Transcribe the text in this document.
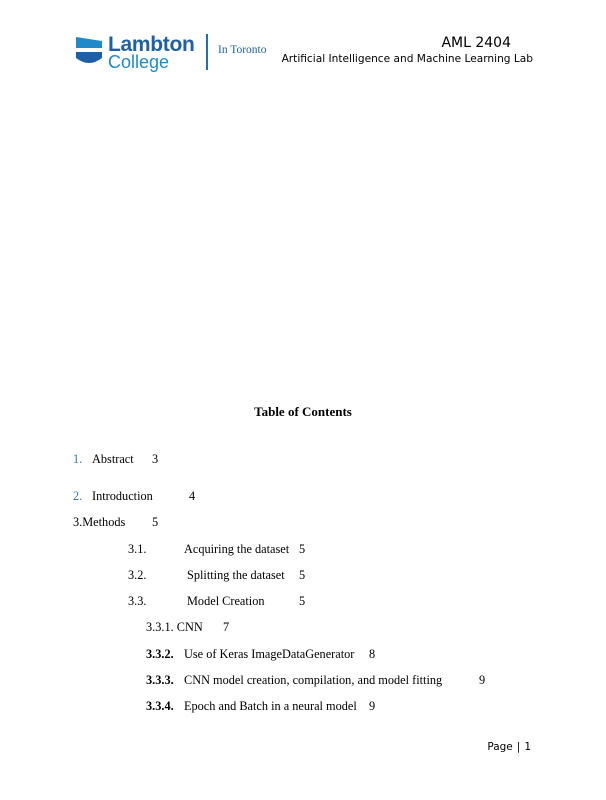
Lambton
College
In Toronto	AML 2404
Artificial Intelligence and Machine Learning Lab
Table of Contents
1. Abstract 3
2. Introduction	4
3.Methods 5
3.1.	Acquiring the dataset 5
3.2.	Splitting the dataset 5
3.3.	Model Creation	5
3.3.1. CNN 7
3.3.2. Use of Keras ImageDataGenerator 8
3.3.3. CNN model creation, compilation, and model fitting	9
3.3.4. Epoch and Batch in a neural model 9
Page | 1
